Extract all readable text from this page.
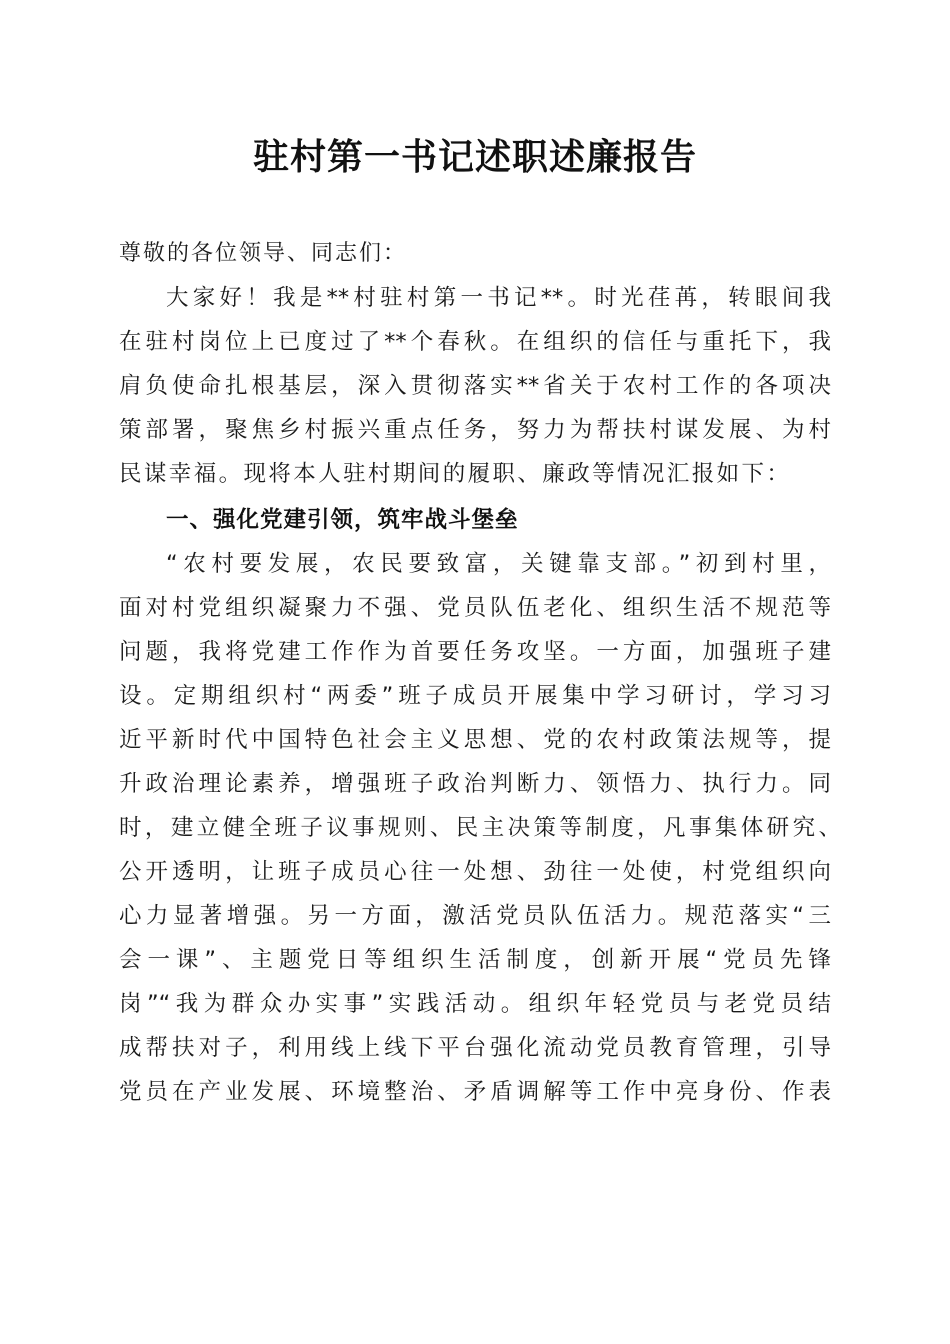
驻村第一书记述职述廉报告
尊敬的各位领导、同志们：
大家好！我是**村驻村第一书记**。时光荏苒，转眼间我
在驻村岗位上已度过了**个春秋。在组织的信任与重托下，我
肩负使命扎根基层，深入贯彻落实**省关于农村工作的各项决
策部署，聚焦乡村振兴重点任务，努力为帮扶村谋发展、为村
民谋幸福。现将本人驻村期间的履职、廉政等情况汇报如下：
一、强化党建引领，筑牢战斗堡垒
“农村要发展，农民要致富，关键靠支部。”初到村里，
面对村党组织凝聚力不强、党员队伍老化、组织生活不规范等
问题，我将党建工作作为首要任务攻坚。一方面，加强班子建
设。定期组织村“两委”班子成员开展集中学习研讨，学习习
近平新时代中国特色社会主义思想、党的农村政策法规等，提
升政治理论素养，增强班子政治判断力、领悟力、执行力。同
时，建立健全班子议事规则、民主决策等制度，凡事集体研究、
公开透明，让班子成员心往一处想、劲往一处使，村党组织向
心力显著增强。另一方面，激活党员队伍活力。规范落实“三
会一课”、主题党日等组织生活制度，创新开展“党员先锋
岗”“我为群众办实事”实践活动。组织年轻党员与老党员结
成帮扶对子，利用线上线下平台强化流动党员教育管理，引导
党员在产业发展、环境整治、矛盾调解等工作中亮身份、作表
